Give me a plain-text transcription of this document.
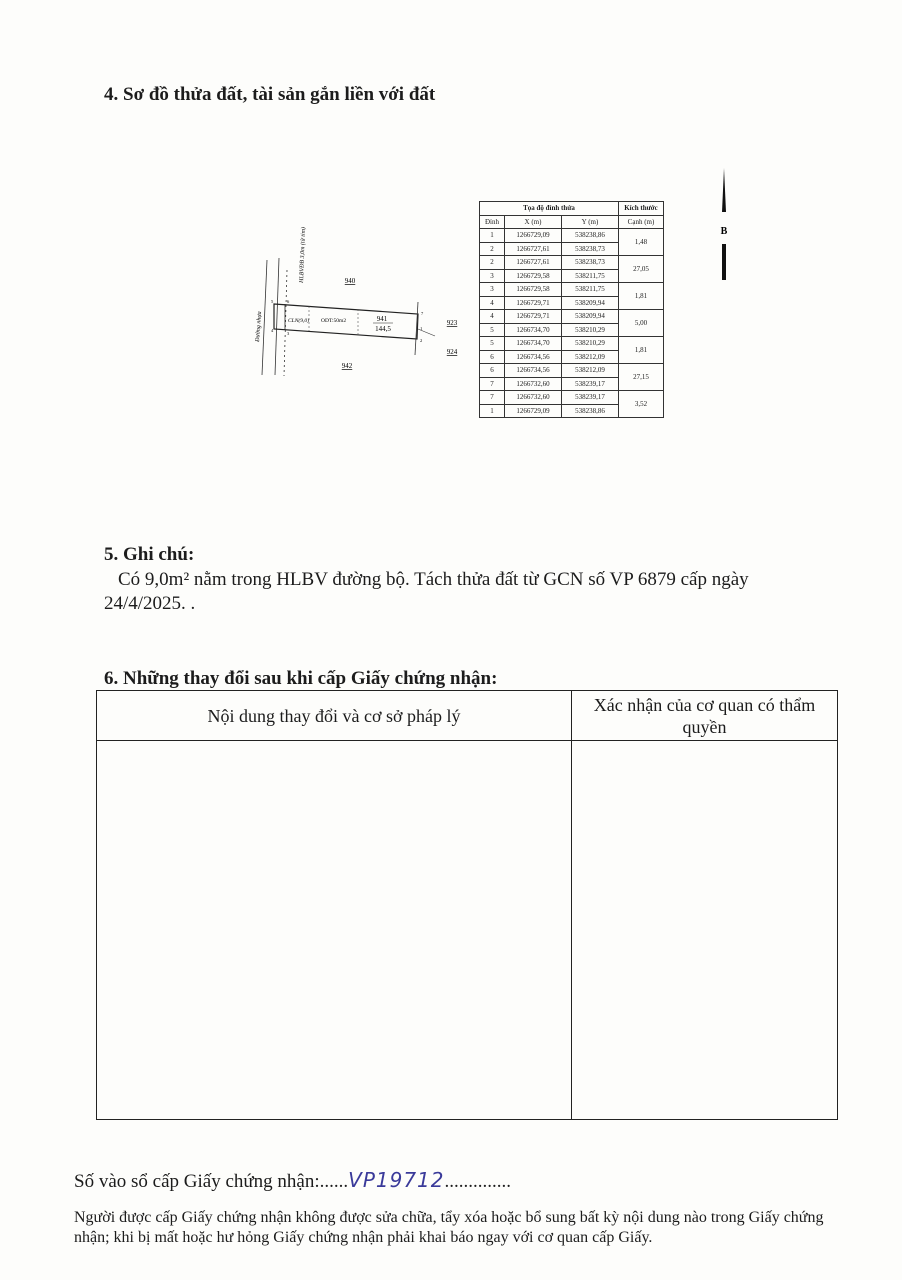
4. Sơ đồ thửa đất, tài sản gắn liền với đất
Đường nhựa
HLBVĐB 3,0m (từ tim)
CLN(9,0) ODT:50m2	941
144,5
940
942
923
924
1
2
3
4
5	6
7
Tọa độ đỉnh thửa			Kích thước
Đỉnh	X (m)	Y (m)	Cạnh (m)
1	1266729,09	538238,86	1,48
2	1266727,61	538238,73	
2	1266727,61	538238,73	27,05
3	1266729,58	538211,75	
3	1266729,58	538211,75	1,81
4	1266729,71	538209,94	
4	1266729,71	538209,94	5,00
5	1266734,70	538210,29	
5	1266734,70	538210,29	1,81
6	1266734,56	538212,09	
6	1266734,56	538212,09	27,15
7	1266732,60	538239,17	
7	1266732,60	538239,17	3,52
1	1266729,09	538238,86	
B
5. Ghi chú:
Có 9,0m² nằm trong HLBV đường bộ. Tách thửa đất từ GCN số VP 6879 cấp ngày
24/4/2025. .
6. Những thay đổi sau khi cấp Giấy chứng nhận:
Nội dung thay đổi và cơ sở pháp lý	Xác nhận của cơ quan có thẩm quyền

Số vào sổ cấp Giấy chứng nhận:......VP19712..............
Người được cấp Giấy chứng nhận không được sửa chữa, tẩy xóa hoặc bổ sung bất kỳ nội dung nào trong Giấy chứng nhận; khi bị mất hoặc hư hỏng Giấy chứng nhận phải khai báo ngay với cơ quan cấp Giấy.
